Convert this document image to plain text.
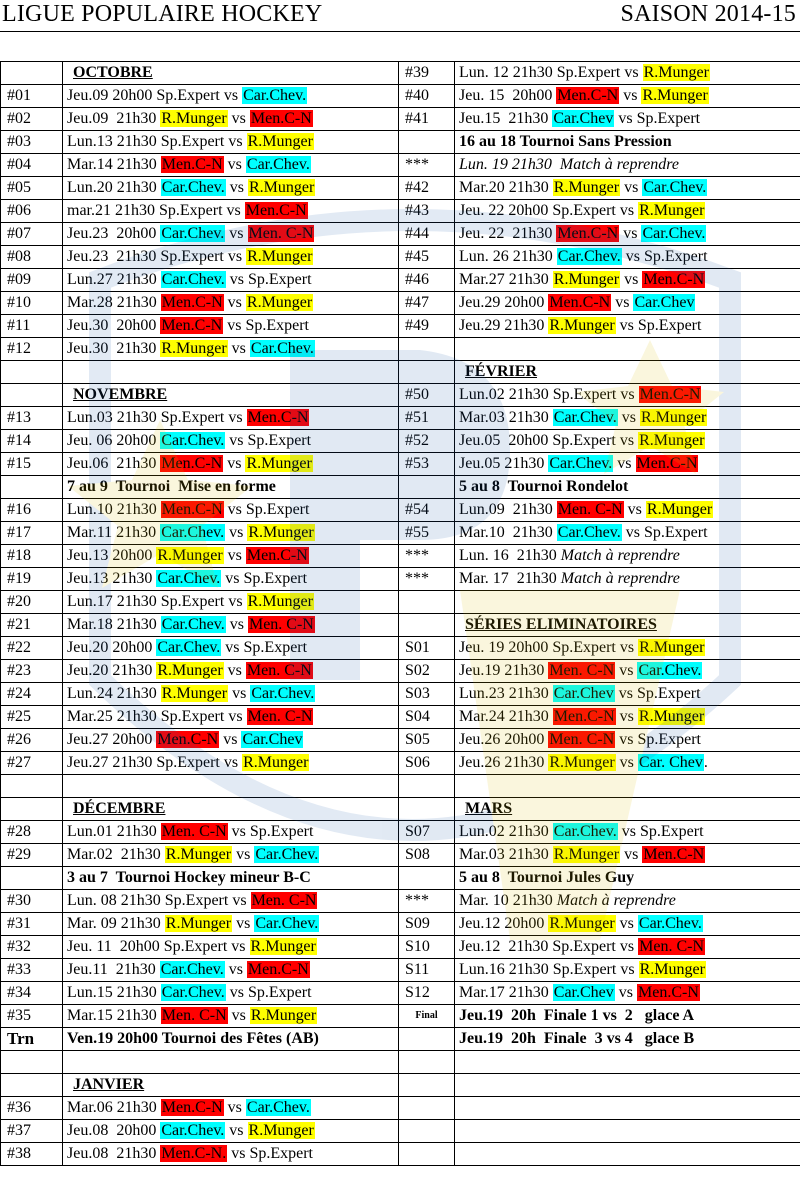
LIGUE POPULAIRE HOCKEY	SAISON 2014-15
	OCTOBRE	#39	Lun. 12 21h30 Sp.Expert vs R.Munger
#01	Jeu.09 20h00 Sp.Expert vs Car.Chev.	#40	Jeu. 15  20h00 Men.C-N vs R.Munger
#02	Jeu.09  21h30 R.Munger vs Men.C-N	#41	Jeu.15  21h30 Car.Chev vs Sp.Expert
#03	Lun.13 21h30 Sp.Expert vs R.Munger		16 au 18 Tournoi Sans Pression
#04	Mar.14 21h30 Men.C-N vs Car.Chev.	***	Lun. 19 21h30  Match à reprendre
#05	Lun.20 21h30 Car.Chev. vs R.Munger	#42	Mar.20 21h30 R.Munger vs Car.Chev.
#06	mar.21 21h30 Sp.Expert vs Men.C-N	#43	Jeu. 22 20h00 Sp.Expert vs R.Munger
#07	Jeu.23  20h00 Car.Chev. vs Men. C-N	#44	Jeu. 22  21h30 Men.C-N vs Car.Chev.
#08	Jeu.23  21h30 Sp.Expert vs R.Munger	#45	Lun. 26 21h30 Car.Chev. vs Sp.Expert
#09	Lun.27 21h30 Car.Chev. vs Sp.Expert	#46	Mar.27 21h30 R.Munger vs Men.C-N
#10	Mar.28 21h30 Men.C-N vs R.Munger	#47	Jeu.29 20h00 Men.C-N vs Car.Chev
#11	Jeu.30  20h00 Men.C-N vs Sp.Expert	#49	Jeu.29 21h30 R.Munger vs Sp.Expert
#12	Jeu.30  21h30 R.Munger vs Car.Chev.		
			FÉVRIER
	NOVEMBRE	#50	Lun.02 21h30 Sp.Expert vs Men.C-N
#13	Lun.03 21h30 Sp.Expert vs Men.C-N	#51	Mar.03 21h30 Car.Chev. vs R.Munger
#14	Jeu. 06 20h00 Car.Chev. vs Sp.Expert	#52	Jeu.05  20h00 Sp.Expert vs R.Munger
#15	Jeu.06  21h30 Men.C-N vs R.Munger	#53	Jeu.05 21h30 Car.Chev. vs Men.C-N
	7 au 9  Tournoi  Mise en forme		5 au 8  Tournoi Rondelot
#16	Lun.10 21h30 Men.C-N vs Sp.Expert	#54	Lun.09  21h30 Men. C-N vs R.Munger
#17	Mar.11 21h30 Car.Chev. vs R.Munger	#55	Mar.10  21h30 Car.Chev. vs Sp.Expert
#18	Jeu.13 20h00 R.Munger vs Men.C-N	***	Lun. 16  21h30 Match à reprendre
#19	Jeu.13 21h30 Car.Chev. vs Sp.Expert	***	Mar. 17  21h30 Match à reprendre
#20	Lun.17 21h30 Sp.Expert vs R.Munger		
#21	Mar.18 21h30 Car.Chev. vs Men. C-N		SÉRIES ELIMINATOIRES
#22	Jeu.20 20h00 Car.Chev. vs Sp.Expert	S01	Jeu. 19 20h00 Sp.Expert vs R.Munger
#23	Jeu.20 21h30 R.Munger vs Men. C-N	S02	Jeu.19 21h30 Men. C-N vs Car.Chev.
#24	Lun.24 21h30 R.Munger vs Car.Chev.	S03	Lun.23 21h30 Car.Chev vs Sp.Expert
#25	Mar.25 21h30 Sp.Expert vs Men. C-N	S04	Mar.24 21h30 Men.C-N vs R.Munger
#26	Jeu.27 20h00 Men.C-N vs Car.Chev	S05	Jeu.26 20h00 Men. C-N vs Sp.Expert
#27	Jeu.27 21h30 Sp.Expert vs R.Munger	S06	Jeu.26 21h30 R.Munger vs Car. Chev.

	DÉCEMBRE		MARS
#28	Lun.01 21h30 Men. C-N vs Sp.Expert	S07	Lun.02 21h30 Car.Chev. vs Sp.Expert
#29	Mar.02  21h30 R.Munger vs Car.Chev.	S08	Mar.03 21h30 R.Munger vs Men.C-N
	3 au 7  Tournoi Hockey mineur B-C		5 au 8  Tournoi Jules Guy
#30	Lun. 08 21h30 Sp.Expert vs Men. C-N	***	Mar. 10 21h30 Match à reprendre
#31	Mar. 09 21h30 R.Munger vs Car.Chev.	S09	Jeu.12 20h00 R.Munger vs Car.Chev.
#32	Jeu. 11  20h00 Sp.Expert vs R.Munger	S10	Jeu.12  21h30 Sp.Expert vs Men. C-N
#33	Jeu.11  21h30 Car.Chev. vs Men.C-N	S11	Lun.16 21h30 Sp.Expert vs R.Munger
#34	Lun.15 21h30 Car.Chev. vs Sp.Expert	S12	Mar.17 21h30 Car.Chev vs Men.C-N
#35	Mar.15 21h30 Men. C-N vs R.Munger	Final	Jeu.19  20h  Finale 1 vs  2   glace A
Trn	Ven.19 20h00 Tournoi des Fêtes (AB)		Jeu.19  20h  Finale  3 vs 4   glace B

	JANVIER		
#36	Mar.06 21h30 Men.C-N vs Car.Chev.		
#37	Jeu.08  20h00 Car.Chev. vs R.Munger		
#38	Jeu.08  21h30 Men.C-N. vs Sp.Expert		
